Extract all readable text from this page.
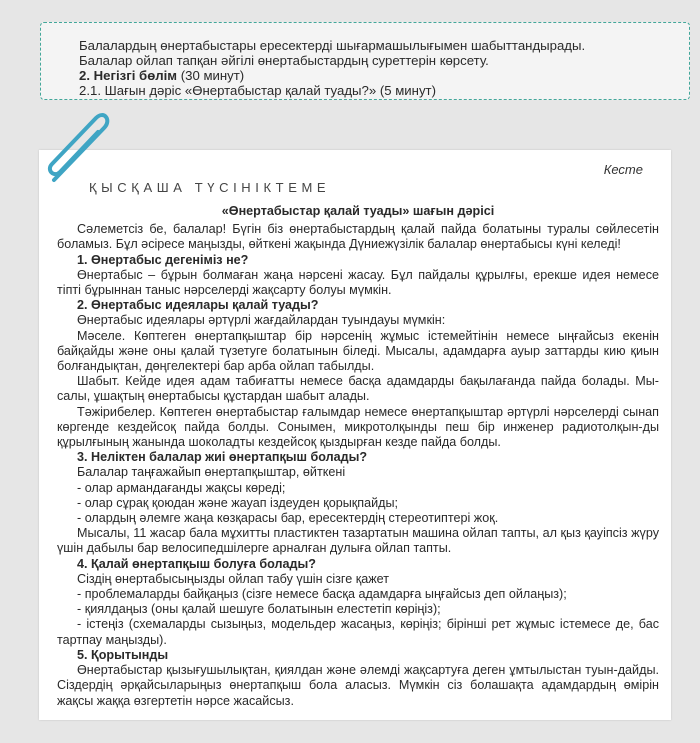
Балалардың өнертабыстары ересектерді шығармашылығымен шабыттандырады.

Балалар ойлап тапқан әйгілі өнертабыстардың суреттерін көрсету.

2. Негізгі бөлім (30 минут)

2.1. Шағын дәріс «Өнертабыстар қалай туады?» (5 минут)

Кесте
ҚЫСҚАША ТҮСІНІКТЕМЕ
«Өнертабыстар қалай туады» шағын дәрісі

Сәлеметсіз бе, балалар! Бүгін біз өнертабыстардың қалай пайда болатыны туралы сөйлесетін боламыз. Бұл әсіресе маңызды, өйткені жақында Дүниежүзілік балалар өнертабысы күні келеді!

1. Өнертабыс дегеніміз не?

Өнертабыс – бұрын болмаған жаңа нәрсені жасау. Бұл пайдалы құрылғы, ерекше идея немесе тіпті бұрыннан таныс нәрселерді жақсарту болуы мүмкін.

2. Өнертабыс идеялары қалай туады?

Өнертабыс идеялары әртүрлі жағдайлардан туындауы мүмкін:

Мәселе. Көптеген өнертапқыштар бір нәрсенің жұмыс істемейтінін немесе ыңғайсыз екенін байқайды және оны қалай түзетуге болатынын біледі. Мысалы, адамдарға ауыр заттарды кию қиын болғандықтан, дөңгелектері бар арба ойлап табылды.

Шабыт. Кейде идея адам табиғатты немесе басқа адамдарды бақылағанда пайда болады. Мы-салы, ұшақтың өнертабысы құстардан шабыт алады.

Тәжірибелер. Көптеген өнертабыстар ғалымдар немесе өнертапқыштар әртүрлі нәрселерді сынап көргенде кездейсоқ пайда болды. Сонымен, микротолқынды пеш бір инженер радиотолқын-ды құрылғының жанында шоколадты кездейсоқ қыздырған кезде пайда болды.

3. Неліктен балалар жиі өнертапқыш болады?

Балалар таңғажайып өнертапқыштар, өйткені

- олар армандағанды жақсы көреді;

- олар сұрақ қоюдан және жауап іздеуден қорықпайды;

- олардың әлемге жаңа көзқарасы бар, ересектердің стереотиптері жоқ.

Мысалы, 11 жасар бала мұхитты пластиктен тазартатын машина ойлап тапты, ал қыз қауіпсіз жүру үшін дабылы бар велосипедшілерге арналған дулыға ойлап тапты.

4. Қалай өнертапқыш болуға болады?

Сіздің өнертабысыңызды ойлап табу үшін сізге қажет

- проблемаларды байқаңыз (сізге немесе басқа адамдарға ыңғайсыз деп ойлаңыз);

- қиялдаңыз (оны қалай шешуге болатынын елестетіп көріңіз);

- істеңіз (схемаларды сызыңыз, модельдер жасаңыз, көріңіз; бірінші рет жұмыс істемесе де, бас тартпау маңызды).

5. Қорытынды

Өнертабыстар қызығушылықтан, қиялдан және әлемді жақсартуға деген ұмтылыстан туын-дайды. Сіздердің әрқайсыларыңыз өнертапқыш бола аласыз. Мүмкін сіз болашақта адамдардың өмірін жақсы жаққа өзгертетін нәрсе жасайсыз.
